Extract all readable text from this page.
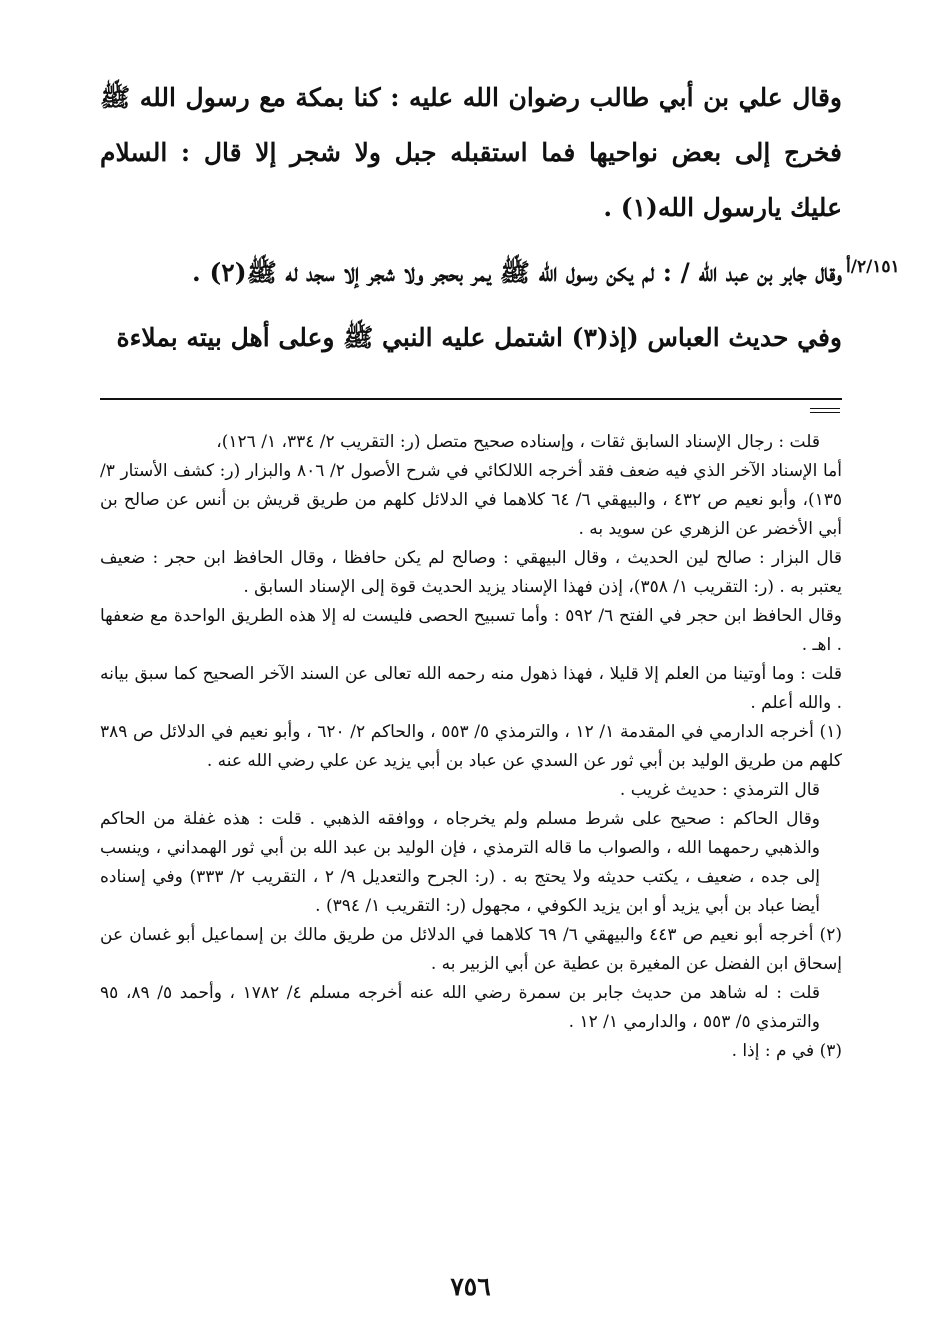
٢/١٥١/أ

وقال علي بن أبي طالب رضوان الله عليه : كنا بمكة مع رسول الله ﷺ فخرج إلى بعض نواحيها فما استقبله جبل ولا شجر إلا قال : السلام عليك يارسول الله(١) .

وقال جابر بن عبد الله / : لم يكن رسول الله ﷺ يمر بحجر ولا شجر إلا سجد له ﷺ(٢) .

وفي حديث العباس (إذ(٣) اشتمل عليه النبي ﷺ وعلى أهل بيته بملاءة

قلت : رجال الإسناد السابق ثقات ، وإسناده صحيح متصل (ر: التقريب ٢/ ٣٣٤، ١/ ١٢٦)،

أما الإسناد الآخر الذي فيه ضعف فقد أخرجه اللالكائي في شرح الأصول ٢/ ٨٠٦ والبزار (ر: كشف الأستار ٣/ ١٣٥)، وأبو نعيم ص ٤٣٢ ، والبيهقي ٦/ ٦٤ كلاهما في الدلائل كلهم من طريق قريش بن أنس عن صالح بن أبي الأخضر عن الزهري عن سويد به .

قال البزار : صالح لين الحديث ، وقال البيهقي : وصالح لم يكن حافظا ، وقال الحافظ ابن حجر : ضعيف يعتبر به . (ر: التقريب ١/ ٣٥٨)، إذن فهذا الإسناد يزيد الحديث قوة إلى الإسناد السابق .

وقال الحافظ ابن حجر في الفتح ٦/ ٥٩٢ : وأما تسبيح الحصى فليست له إلا هذه الطريق الواحدة مع ضعفها . اهـ .

قلت : وما أوتينا من العلم إلا قليلا ، فهذا ذهول منه رحمه الله تعالى عن السند الآخر الصحيح كما سبق بيانه . والله أعلم .

(١) أخرجه الدارمي في المقدمة ١/ ١٢ ، والترمذي ٥/ ٥٥٣ ، والحاكم ٢/ ٦٢٠ ، وأبو نعيم في الدلائل ص ٣٨٩ كلهم من طريق الوليد بن أبي ثور عن السدي عن عباد بن أبي يزيد عن علي رضي الله عنه .

قال الترمذي : حديث غريب .

وقال الحاكم : صحيح على شرط مسلم ولم يخرجاه ، ووافقه الذهبي . قلت : هذه غفلة من الحاكم والذهبي رحمهما الله ، والصواب ما قاله الترمذي ، فإن الوليد بن عبد الله بن أبي ثور الهمداني ، وينسب إلى جده ، ضعيف ، يكتب حديثه ولا يحتج به . (ر: الجرح والتعديل ٩/ ٢ ، التقريب ٢/ ٣٣٣) وفي إسناده أيضا عباد بن أبي يزيد أو ابن يزيد الكوفي ، مجهول (ر: التقريب ١/ ٣٩٤) .

(٢) أخرجه أبو نعيم ص ٤٤٣ والبيهقي ٦/ ٦٩ كلاهما في الدلائل من طريق مالك بن إسماعيل أبو غسان عن إسحاق ابن الفضل عن المغيرة بن عطية عن أبي الزبير به .

قلت : له شاهد من حديث جابر بن سمرة رضي الله عنه أخرجه مسلم ٤/ ١٧٨٢ ، وأحمد ٥/ ٨٩، ٩٥ والترمذي ٥/ ٥٥٣ ، والدارمي ١/ ١٢ .

(٣) في م : إذا .

٧٥٦
